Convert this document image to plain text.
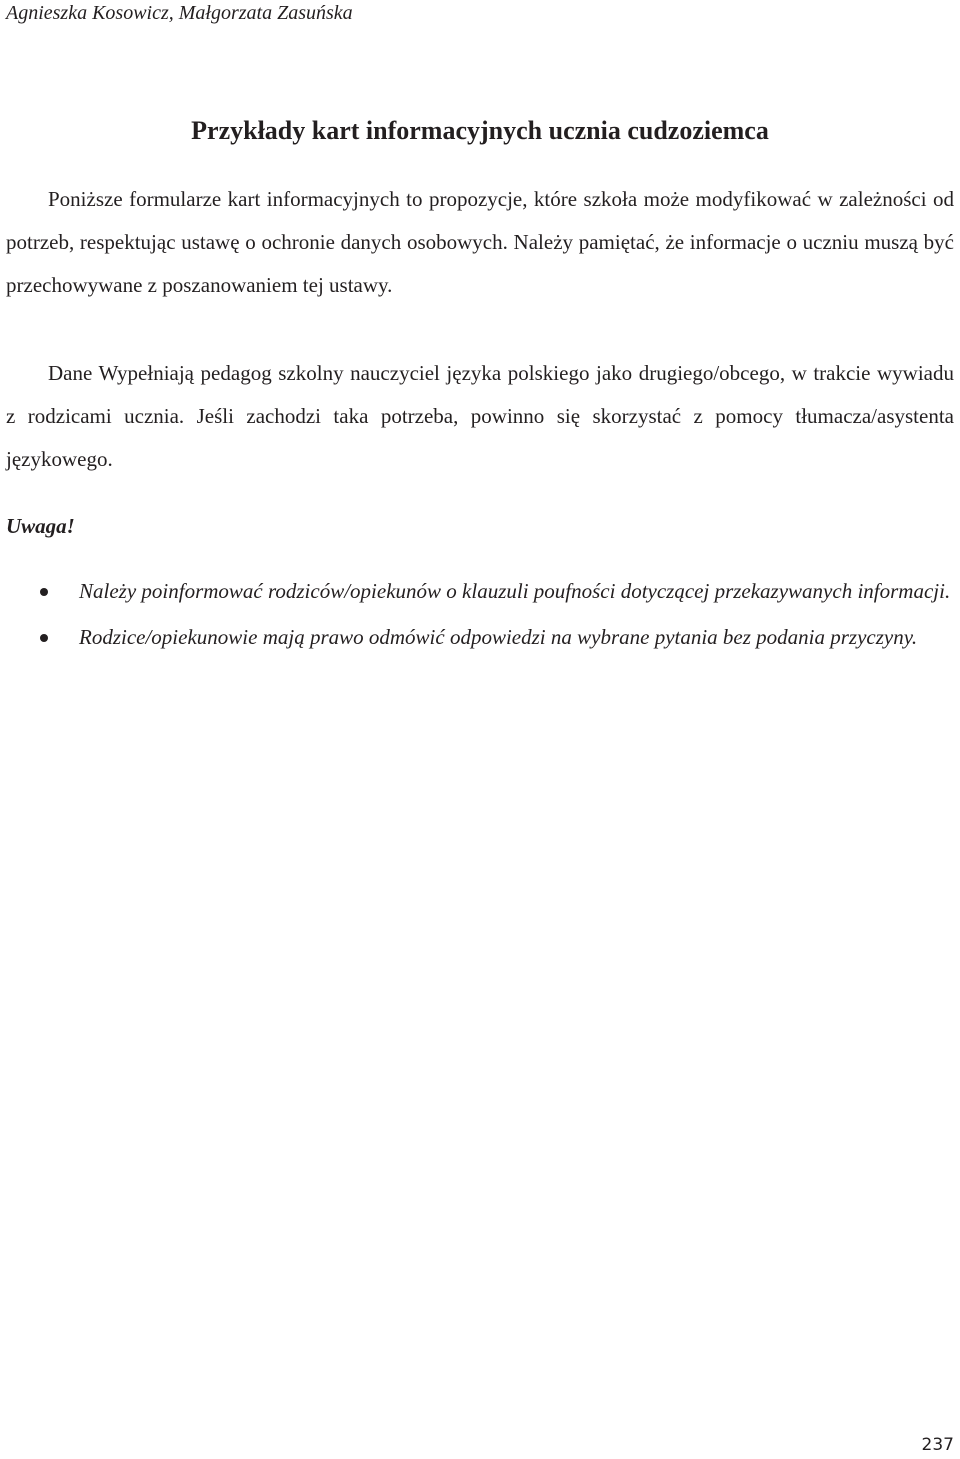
Agnieszka Kosowicz, Małgorzata Zasuńska
Przykłady kart informacyjnych ucznia cudzoziemca

Poniższe formularze kart informacyjnych to propozycje, które szkoła może modyfikować w zależności od potrzeb, respektując ustawę o ochronie danych osobowych. Należy pamiętać, że informacje o uczniu muszą być przechowywane z poszanowaniem tej ustawy.

Dane Wypełniają pedagog szkolny nauczyciel języka polskiego jako drugiego/obcego, w trakcie wywiadu z rodzicami ucznia. Jeśli zachodzi taka potrzeba, powinno się skorzystać z pomocy tłumacza/asystenta językowego.

Uwaga!
Należy poinformować rodziców/opiekunów o klauzuli poufności dotyczącej przekazywanych informacji.
Rodzice/opiekunowie mają prawo odmówić odpowiedzi na wybrane pytania bez podania przyczyny.
237
